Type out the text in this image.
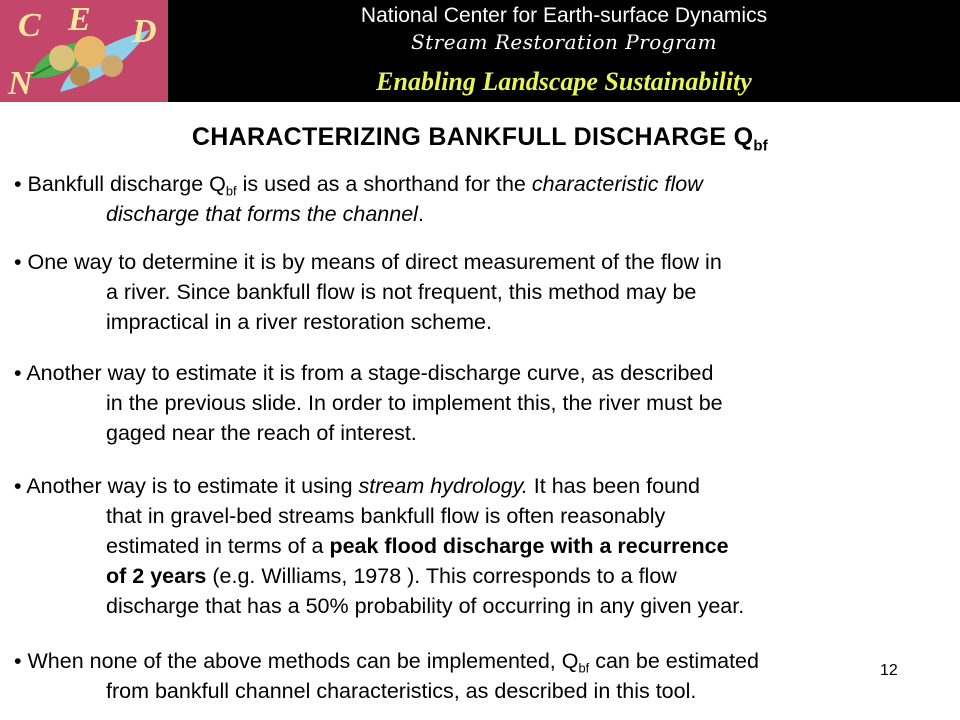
C E D
N
National Center for Earth-surface Dynamics
Stream Restoration Program
Enabling Landscape Sustainability
CHARACTERIZING BANKFULL DISCHARGE $Q_{bf}$
• Bankfull discharge $Q_{bf}$ is used as a shorthand for the characteristic flow
discharge that forms the channel.
• One way to determine it is by means of direct measurement of the flow in
a river. Since bankfull flow is not frequent, this method may be
impractical in a river restoration scheme.
• Another way to estimate it is from a stage-discharge curve, as described
in the previous slide. In order to implement this, the river must be
gaged near the reach of interest.
• Another way is to estimate it using stream hydrology. It has been found
that in gravel-bed streams bankfull flow is often reasonably
estimated in terms of a peak flood discharge with a recurrence
of 2 years (e.g. Williams, 1978 ). This corresponds to a flow
discharge that has a 50% probability of occurring in any given year.
• When none of the above methods can be implemented, $Q_{bf}$ can be estimated
from bankfull channel characteristics, as described in this tool.
12
